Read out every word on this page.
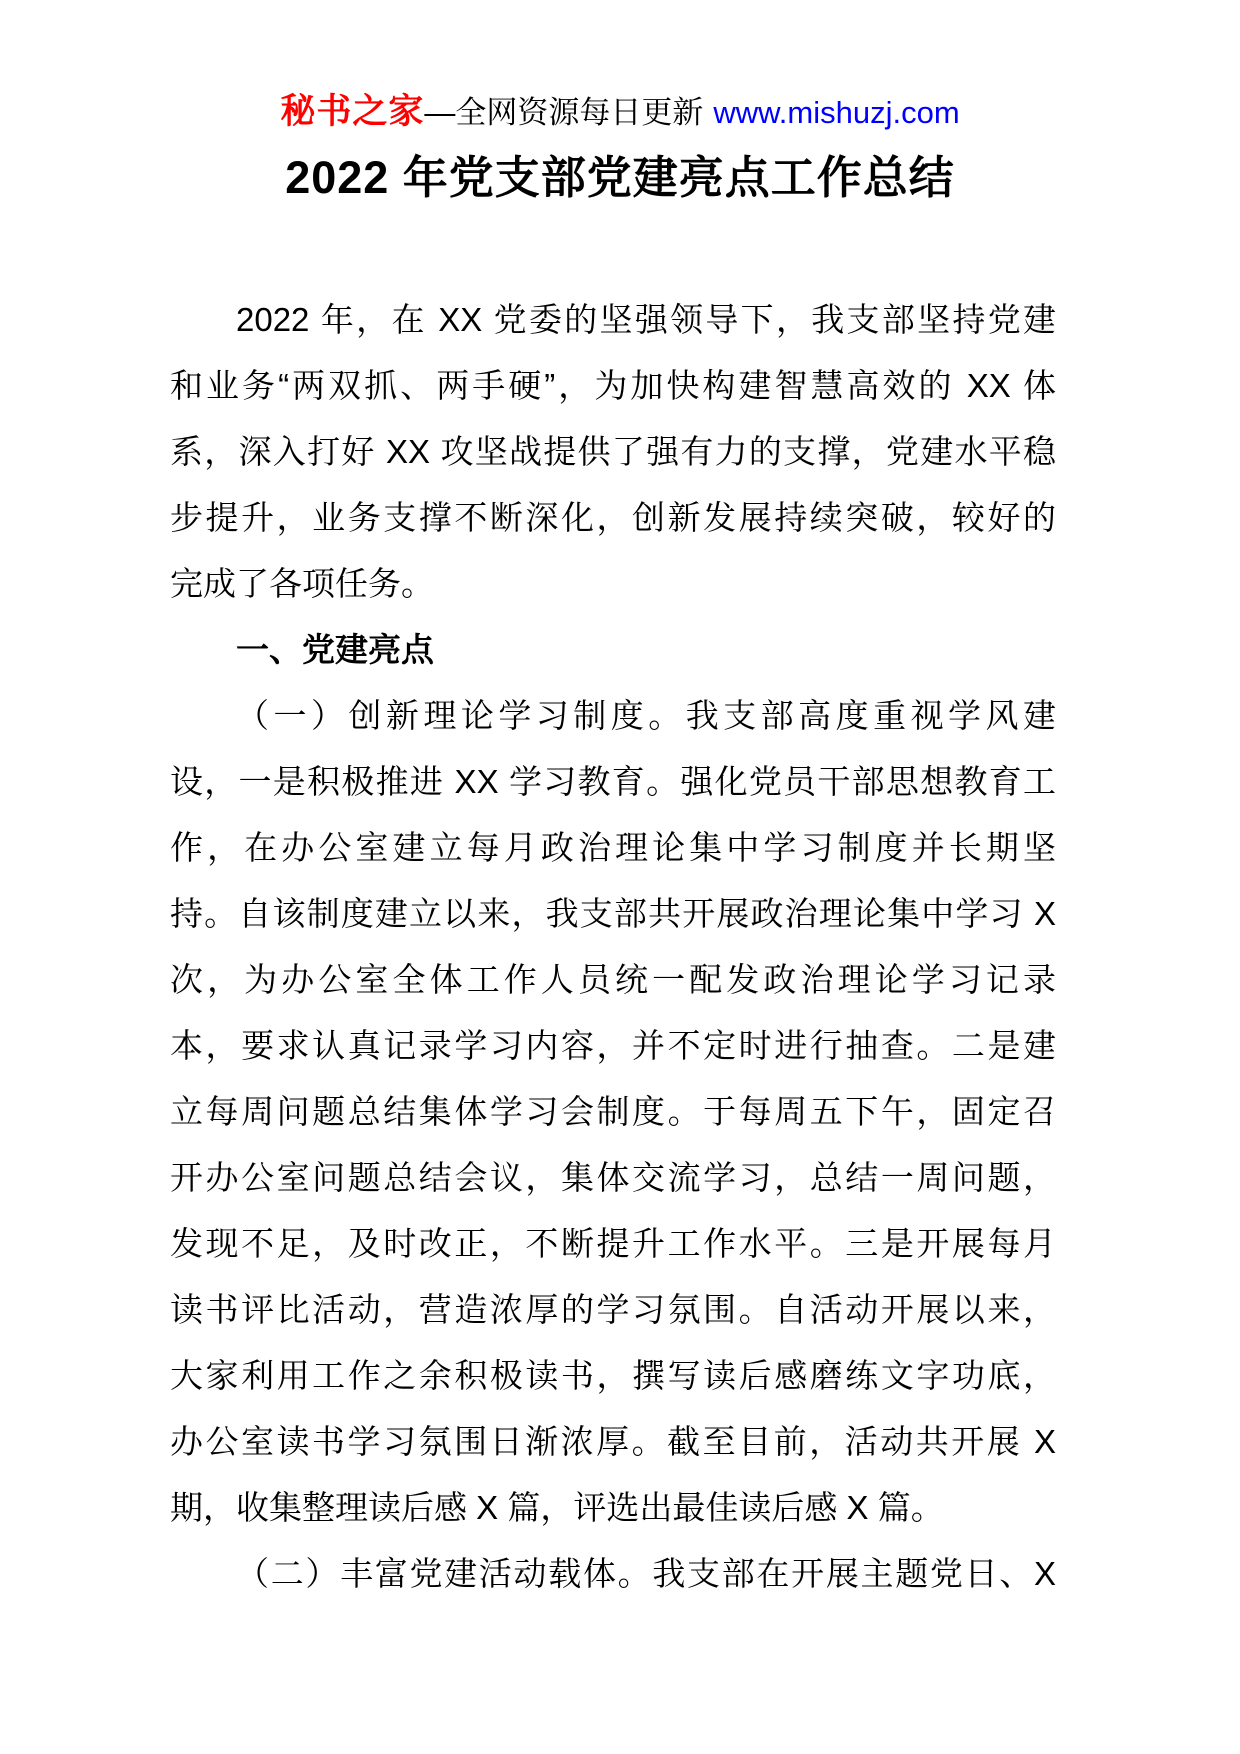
秘书之家—全网资源每日更新 www.mishuzj.com
2022 年党支部党建亮点工作总结
2022 年，在 XX 党委的坚强领导下，我支部坚持党建
和业务“两双抓、两手硬”，为加快构建智慧高效的 XX 体
系，深入打好 XX 攻坚战提供了强有力的支撑，党建水平稳
步提升，业务支撑不断深化，创新发展持续突破，较好的
完成了各项任务。
一、党建亮点
（一）创新理论学习制度。我支部高度重视学风建
设，一是积极推进 XX 学习教育。强化党员干部思想教育工
作，在办公室建立每月政治理论集中学习制度并长期坚
持。自该制度建立以来，我支部共开展政治理论集中学习 X
次，为办公室全体工作人员统一配发政治理论学习记录
本，要求认真记录学习内容，并不定时进行抽查。二是建
立每周问题总结集体学习会制度。于每周五下午，固定召
开办公室问题总结会议，集体交流学习，总结一周问题，
发现不足，及时改正，不断提升工作水平。三是开展每月
读书评比活动，营造浓厚的学习氛围。自活动开展以来，
大家利用工作之余积极读书，撰写读后感磨练文字功底，
办公室读书学习氛围日渐浓厚。截至目前，活动共开展 X
期，收集整理读后感 X 篇，评选出最佳读后感 X 篇。
（二）丰富党建活动载体。我支部在开展主题党日、X
